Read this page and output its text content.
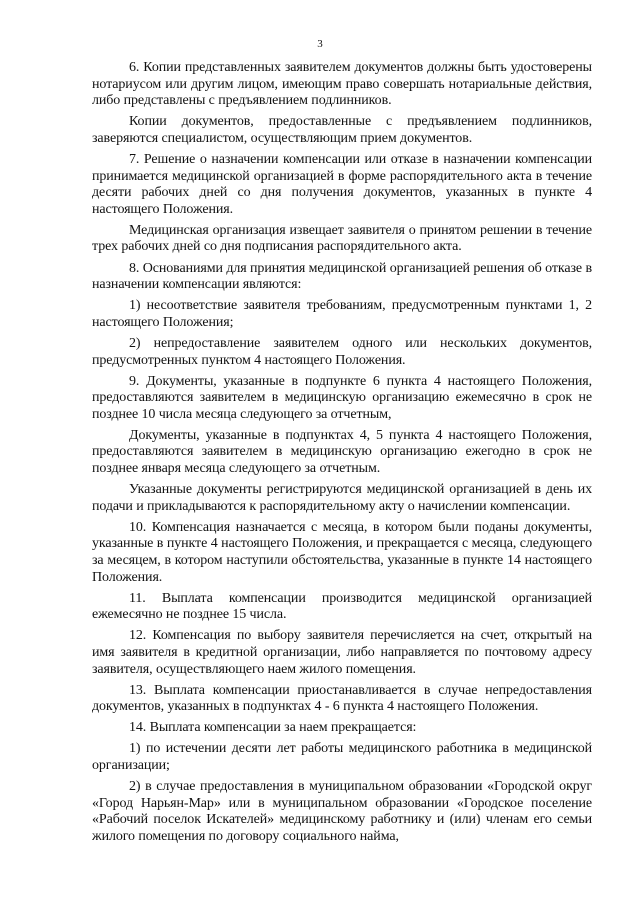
3

6. Копии представленных заявителем документов должны быть удостоверены нотариусом или другим лицом, имеющим право совершать нотариальные действия, либо представлены с предъявлением подлинников.

Копии документов, предоставленные с предъявлением подлинников, заверяются специалистом, осуществляющим прием документов.

7. Решение о назначении компенсации или отказе в назначении компенсации принимается медицинской организацией в форме распорядительного акта в течение десяти рабочих дней со дня получения документов, указанных в пункте 4 настоящего Положения.

Медицинская организация извещает заявителя о принятом решении в течение трех рабочих дней со дня подписания распорядительного акта.

8. Основаниями для принятия медицинской организацией решения об отказе в назначении компенсации являются:

1) несоответствие заявителя требованиям, предусмотренным пунктами 1, 2 настоящего Положения;

2) непредоставление заявителем одного или нескольких документов, предусмотренных пунктом 4 настоящего Положения.

9. Документы, указанные в подпункте 6 пункта 4 настоящего Положения, предоставляются заявителем в медицинскую организацию ежемесячно в срок не позднее 10 числа месяца следующего за отчетным,

Документы, указанные в подпунктах 4, 5 пункта 4 настоящего Положения, предоставляются заявителем в медицинскую организацию ежегодно в срок не позднее января месяца следующего за отчетным.

Указанные документы регистрируются медицинской организацией в день их подачи и прикладываются к распорядительному акту о начислении компенсации.

10. Компенсация назначается с месяца, в котором были поданы документы, указанные в пункте 4 настоящего Положения, и прекращается с месяца, следующего за месяцем, в котором наступили обстоятельства, указанные в пункте 14 настоящего Положения.

11. Выплата компенсации производится медицинской организацией ежемесячно не позднее 15 числа.

12. Компенсация по выбору заявителя перечисляется на счет, открытый на имя заявителя в кредитной организации, либо направляется по почтовому адресу заявителя, осуществляющего наем жилого помещения.

13. Выплата компенсации приостанавливается в случае непредоставления документов, указанных в подпунктах 4 - 6 пункта 4 настоящего Положения.

14. Выплата компенсации за наем прекращается:

1) по истечении десяти лет работы медицинского работника в медицинской организации;

2) в случае предоставления в муниципальном образовании «Городской округ «Город Нарьян-Мар» или в муниципальном образовании «Городское поселение «Рабочий поселок Искателей» медицинскому работнику и (или) членам его семьи жилого помещения по договору социального найма,
